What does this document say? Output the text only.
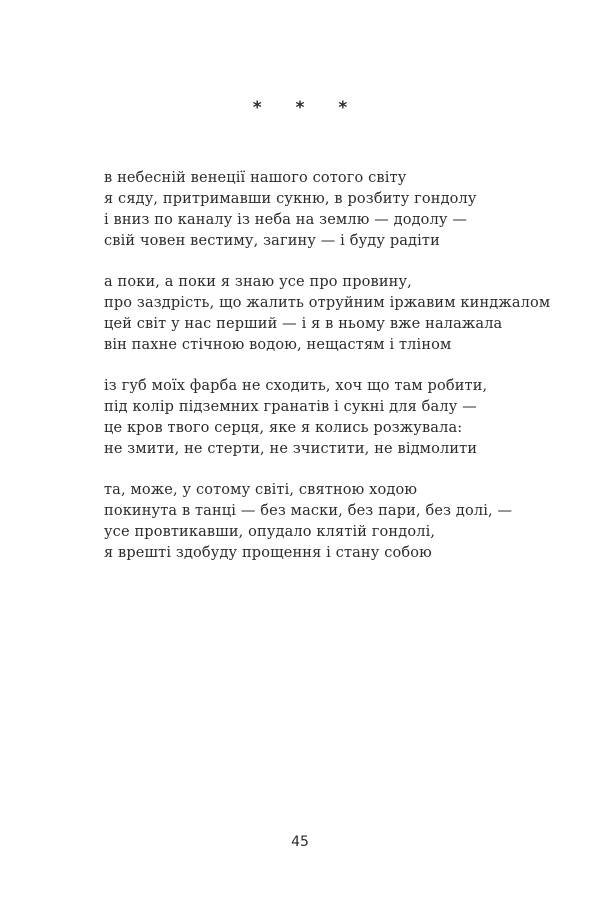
* * *
в небесній венеції нашого сотого світу
я сяду, притримавши сукню, в розбиту гондолу
і вниз по каналу із неба на землю — додолу —
свій човен вестиму, загину — і буду радіти
а поки, а поки я знаю усе про провину,
про заздрість, що жалить отруйним іржавим кинджалом
цей світ у нас перший — і я в ньому вже налажала
він пахне стічною водою, нещастям і тліном
із губ моїх фарба не сходить, хоч що там робити,
під колір підземних гранатів і сукні для балу —
це кров твого серця, яке я колись розжувала:
не змити, не стерти, не зчистити, не відмолити
та, може, у сотому світі, святною ходою
покинута в танці — без маски, без пари, без долі, —
усе провтикавши, опудало клятій гондолі,
я врешті здобуду прощення і стану собою
45
